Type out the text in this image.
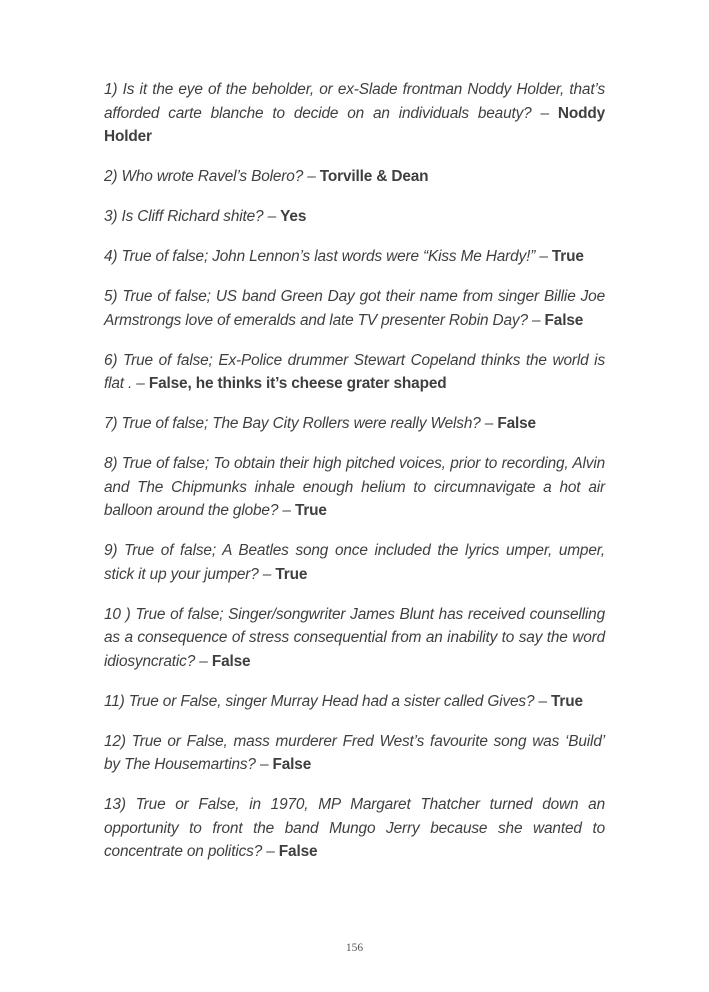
1) Is it the eye of the beholder, or ex-Slade frontman Noddy Holder, that’s afforded carte blanche to decide on an individuals beauty? – Noddy Holder

2) Who wrote Ravel’s Bolero? – Torville & Dean

3) Is Cliff Richard shite? – Yes

4) True of false; John Lennon’s last words were “Kiss Me Hardy!” – True

5) True of false; US band Green Day got their name from singer Billie Joe Armstrongs love of emeralds and late TV presenter Robin Day? – False

6) True of false; Ex-Police drummer Stewart Copeland thinks the world is flat . – False, he thinks it’s cheese grater shaped

7) True of false; The Bay City Rollers were really Welsh? – False

8) True of false; To obtain their high pitched voices, prior to recording, Alvin and The Chipmunks inhale enough helium to circumnavigate a hot air balloon around the globe? – True

9) True of false; A Beatles song once included the lyrics umper, umper, stick it up your jumper? – True

10 ) True of false; Singer/songwriter James Blunt has received counselling as a consequence of stress consequential from an inability to say the word idiosyncratic? – False

11) True or False, singer Murray Head had a sister called Gives? – True

12) True or False, mass murderer Fred West’s favourite song was ‘Build’ by The Housemartins? – False

13) True or False, in 1970, MP Margaret Thatcher turned down an opportunity to front the band Mungo Jerry because she wanted to concentrate on politics? – False

156
